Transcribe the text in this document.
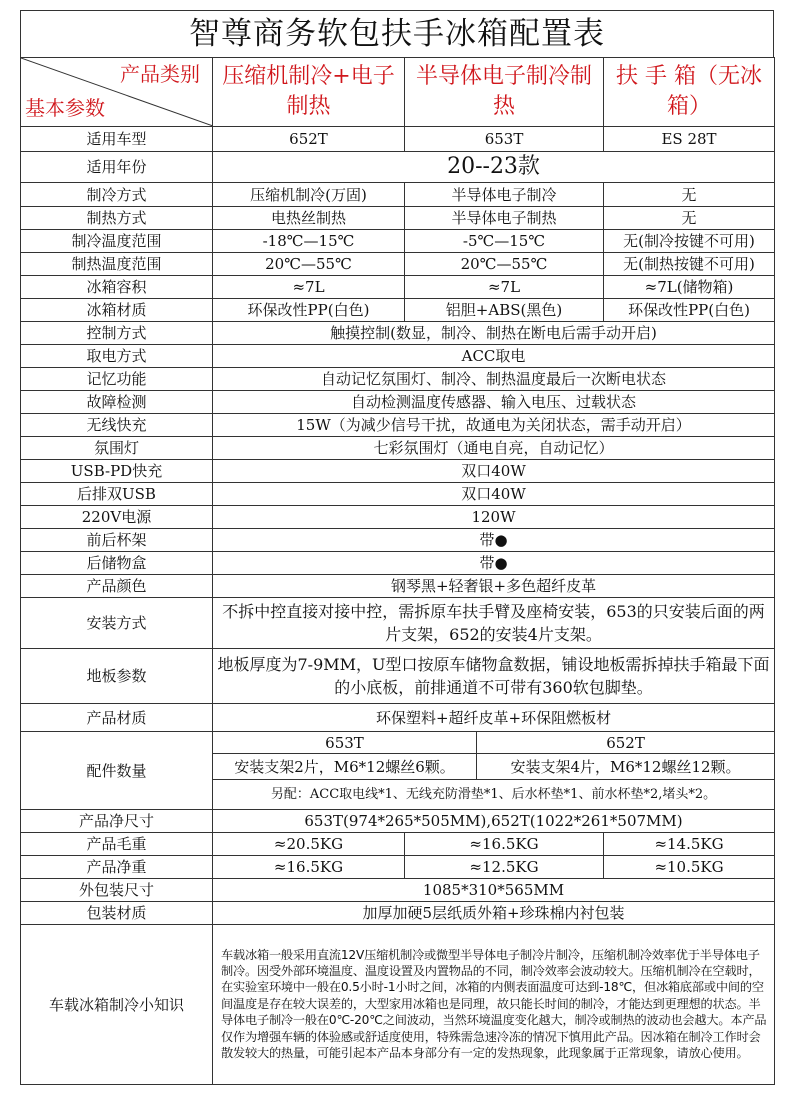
智尊商务软包扶手冰箱配置表
产品类别
基本参数	压缩机制冷+电子制热	半导体电子制冷制热		扶 手 箱（无冰箱）
适用车型	652T	653T		ES 28T
适用年份	20--23款			
制冷方式	压缩机制冷(万固)	半导体电子制冷		无
制热方式	电热丝制热	半导体电子制热		无
制冷温度范围	-18℃—15℃	-5℃—15℃		无(制冷按键不可用)
制热温度范围	20℃—55℃	20℃—55℃		无(制热按键不可用)
冰箱容积	≈7L	≈7L		≈7L(储物箱)
冰箱材质	环保改性PP(白色)	铝胆+ABS(黑色)		环保改性PP(白色)
控制方式	触摸控制(数显，制冷、制热在断电后需手动开启)			
取电方式	ACC取电			
记忆功能	自动记忆氛围灯、制冷、制热温度最后一次断电状态			
故障检测	自动检测温度传感器、输入电压、过载状态			
无线快充	15W（为减少信号干扰，故通电为关闭状态，需手动开启）			
氛围灯	七彩氛围灯（通电自亮，自动记忆）			
USB-PD快充	双口40W			
后排双USB	双口40W			
220V电源	120W			
前后杯架	带●			
后储物盒	带●			
产品颜色	钢琴黑+轻奢银+多色超纤皮革			
安装方式	不拆中控直接对接中控，需拆原车扶手臂及座椅安装，653的只安装后面的两片支架，652的安装4片支架。			
地板参数	地板厚度为7-9MM，U型口按原车储物盒数据，铺设地板需拆掉扶手箱最下面的小底板，前排通道不可带有360软包脚垫。			
产品材质	环保塑料+超纤皮革+环保阻燃板材			
配件数量	653T		652T	
	安装支架2片，M6*12螺丝6颗。		安装支架4片，M6*12螺丝12颗。	
	另配：ACC取电线*1、无线充防滑垫*1、后水杯垫*1、前水杯垫*2,堵头*2。			
产品净尺寸	653T(974*265*505MM),652T(1022*261*507MM)			
产品毛重	≈20.5KG	≈16.5KG		≈14.5KG
产品净重	≈16.5KG	≈12.5KG		≈10.5KG
外包装尺寸	1085*310*565MM			
包装材质	加厚加硬5层纸质外箱+珍珠棉内衬包装			
车载冰箱制冷小知识	车载冰箱一般采用直流12V压缩机制冷或微型半导体电子制冷片制冷，压缩机制冷效率优于半导体电子制冷。因受外部环境温度、温度设置及内置物品的不同，制冷效率会波动较大。压缩机制冷在空载时，在实验室环境中一般在0.5小时-1小时之间，冰箱的内侧表面温度可达到-18℃，但冰箱底部或中间的空间温度是存在较大误差的，大型家用冰箱也是同理，故只能长时间的制冷，才能达到更理想的状态。半导体电子制冷一般在0℃-20℃之间波动，当然环境温度变化越大，制冷或制热的波动也会越大。本产品仅作为增强车辆的体验感或舒适度使用，特殊需急速冷冻的情况下慎用此产品。因冰箱在制冷工作时会散发较大的热量，可能引起本产品本身部分有一定的发热现象，此现象属于正常现象，请放心使用。			
